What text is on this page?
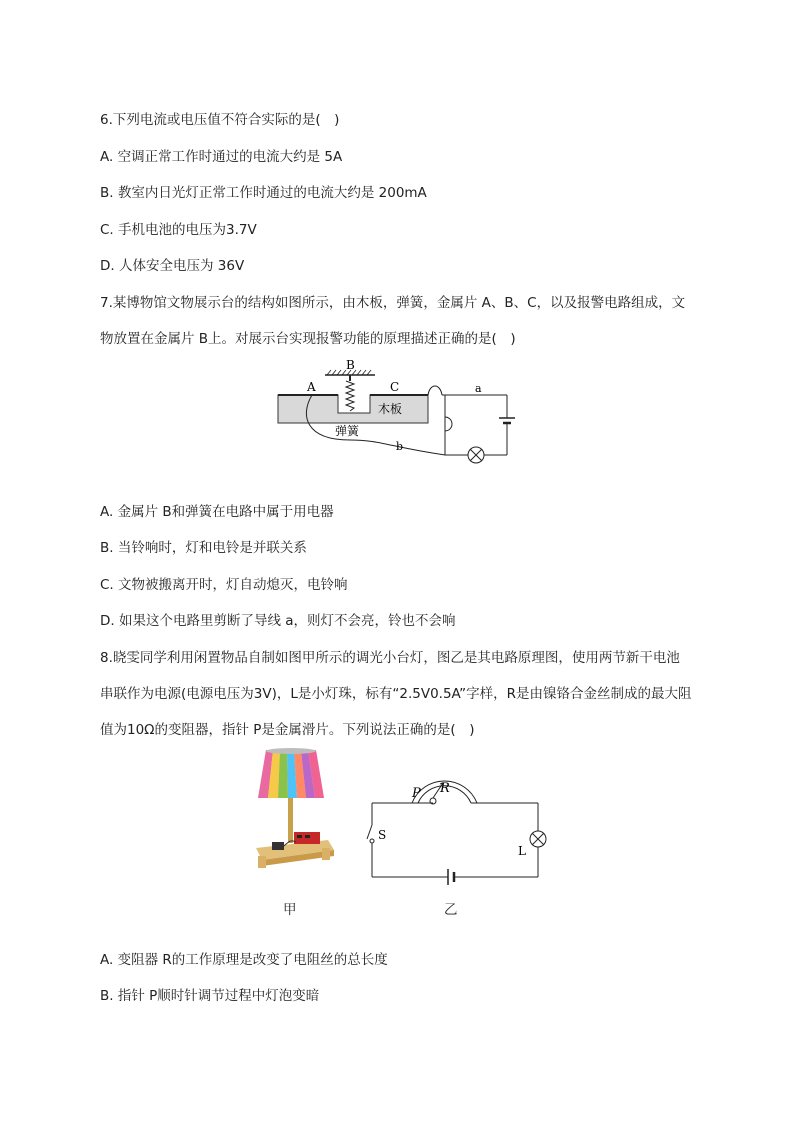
6.下列电流或电压值不符合实际的是(　)
A. 空调正常工作时通过的电流大约是 5A
B. 教室内日光灯正常工作时通过的电流大约是 200mA
C. 手机电池的电压为3.7V
D. 人体安全电压为 36V
7.某博物馆文物展示台的结构如图所示，由木板，弹簧，金属片 A、B、C，以及报警电路组成，文
物放置在金属片 B上。对展示台实现报警功能的原理描述正确的是(　)
A
B
C	a
b
木板
弹簧
A. 金属片 B和弹簧在电路中属于用电器
B. 当铃响时，灯和电铃是并联关系
C. 文物被搬离开时，灯自动熄灭，电铃响
D. 如果这个电路里剪断了导线 a，则灯不会亮，铃也不会响
8.晓雯同学利用闲置物品自制如图甲所示的调光小台灯，图乙是其电路原理图，使用两节新干电池
串联作为电源(电源电压为3V)，L是小灯珠，标有“2.5V0.5A”字样，R是由镍铬合金丝制成的最大阻
值为10Ω的变阻器，指针 P是金属滑片。下列说法正确的是(　)
甲
P R
S
L
乙
A. 变阻器 R的工作原理是改变了电阻丝的总长度
B. 指针 P顺时针调节过程中灯泡变暗
